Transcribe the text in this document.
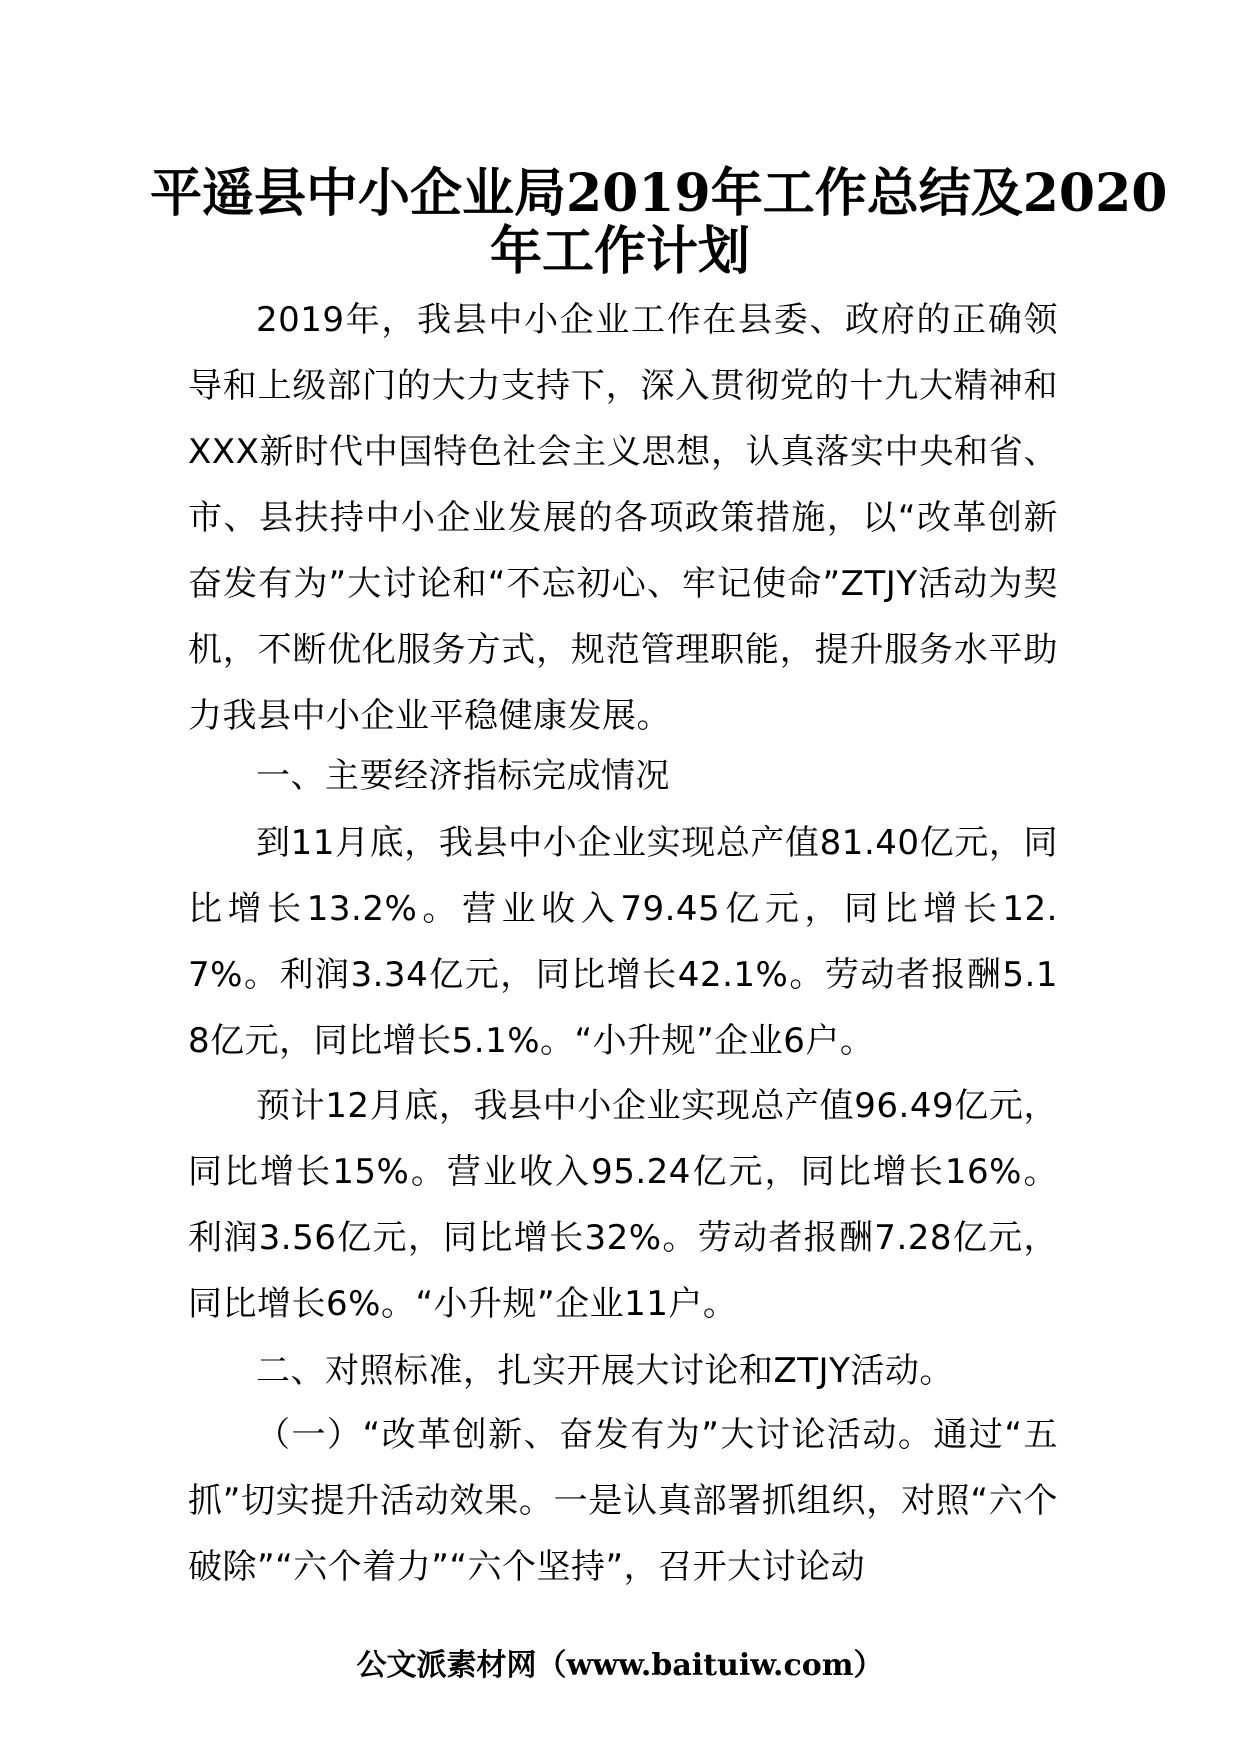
平遥县中小企业局2019年工作总结及2020
年工作计划

2019年，我县中小企业工作在县委、政府的正确领导和上级部门的大力支持下，深入贯彻党的十九大精神和XXX新时代中国特色社会主义思想，认真落实中央和省、市、县扶持中小企业发展的各项政策措施，以“改革创新奋发有为”大讨论和“不忘初心、牢记使命”ZTJY活动为契机，不断优化服务方式，规范管理职能，提升服务水平助力我县中小企业平稳健康发展。

一、主要经济指标完成情况

到11月底，我县中小企业实现总产值81.40亿元，同比增长13.2%。营业收入79.45亿元，同比增长12.7%。利润3.34亿元，同比增长42.1%。劳动者报酬5.18亿元，同比增长5.1%。“小升规”企业6户。

预计12月底，我县中小企业实现总产值96.49亿元，同比增长15%。营业收入95.24亿元，同比增长16%。利润3.56亿元，同比增长32%。劳动者报酬7.28亿元，同比增长6%。“小升规”企业11户。

二、对照标准，扎实开展大讨论和ZTJY活动。

（一）“改革创新、奋发有为”大讨论活动。通过“五抓”切实提升活动效果。一是认真部署抓组织，对照“六个破除”“六个着力”“六个坚持”，召开大讨论动

公文派素材网（www.baituiw.com）
